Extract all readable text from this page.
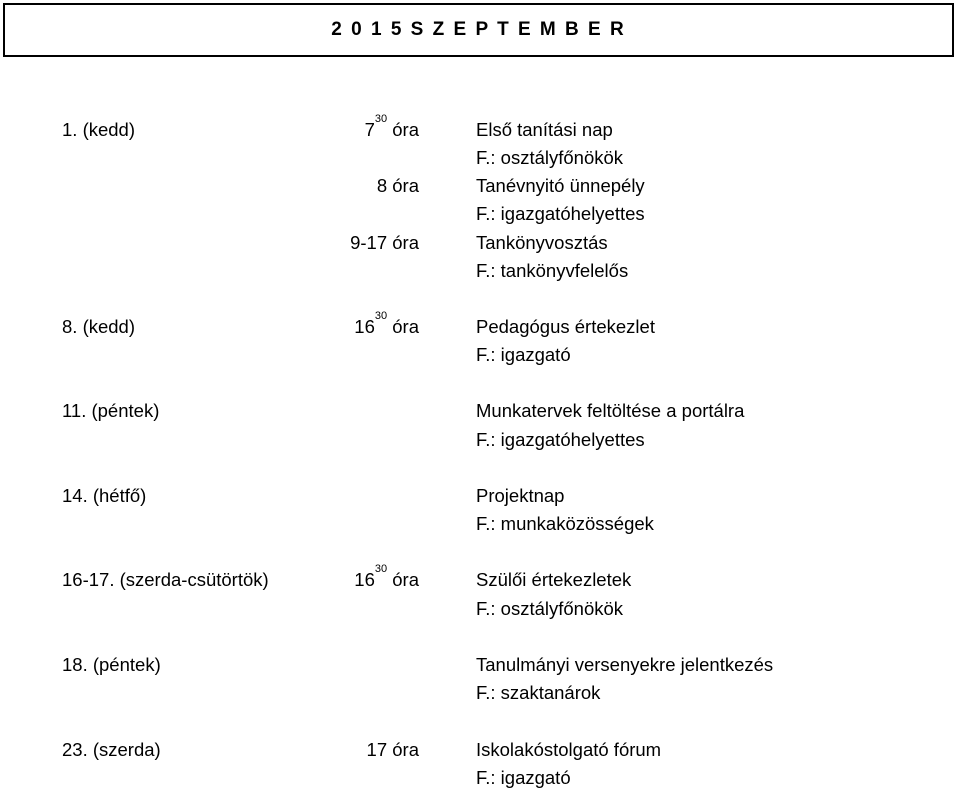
2 0 1 5 S Z E P T E M B E R
1. (kedd)	$7^{30}$ óra	Első tanítási nap
F.: osztályfőnökök
8 óra	Tanévnyitó ünnepély
F.: igazgatóhelyettes
9-17 óra	Tankönyvosztás
F.: tankönyvfelelős
8. (kedd)	$16^{30}$ óra	Pedagógus értekezlet
F.: igazgató
11. (péntek)	Munkatervek feltöltése a portálra
F.: igazgatóhelyettes
14. (hétfő)	Projektnap
F.: munkaközösségek
16-17. (szerda-csütörtök)	$16^{30}$ óra	Szülői értekezletek
F.: osztályfőnökök
18. (péntek)	Tanulmányi versenyekre jelentkezés
F.: szaktanárok
23. (szerda)	17 óra	Iskolakóstolgató fórum
F.: igazgató
